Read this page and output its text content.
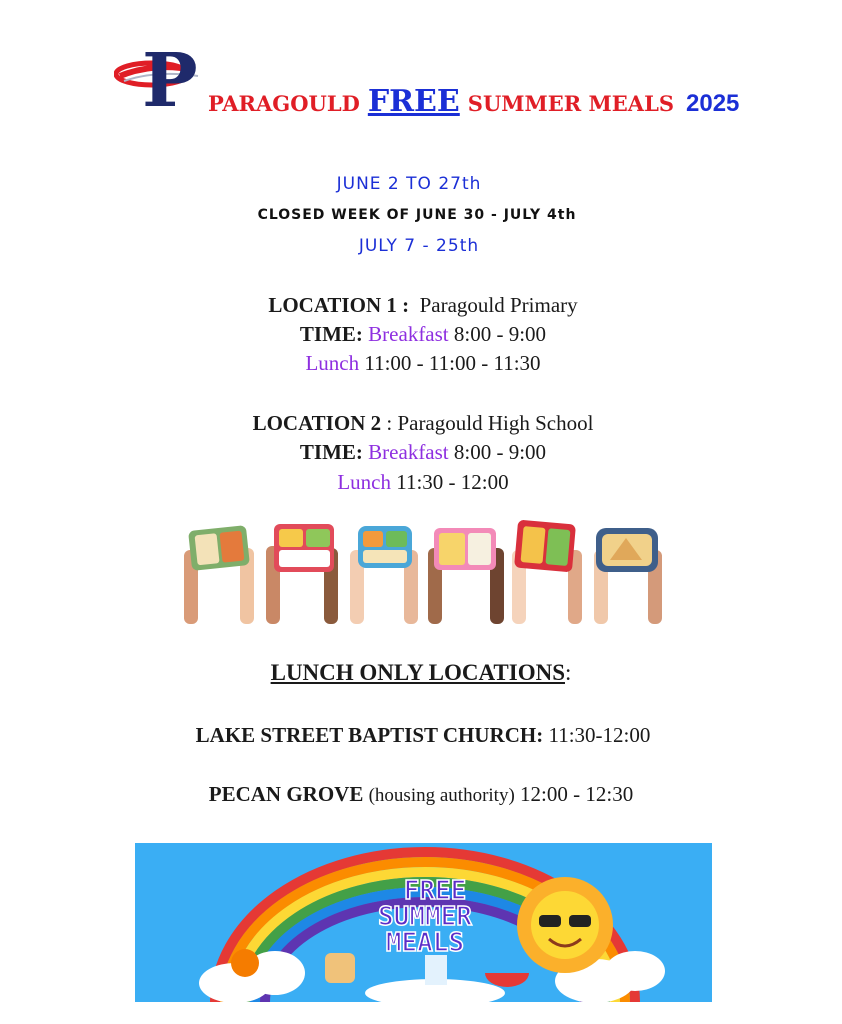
P PARAGOULD FREE SUMMER MEALS 2025
JUNE 2 TO 27th
CLOSED WEEK OF JUNE 30 - JULY 4th
JULY 7 - 25th
LOCATION 1 : Paragould Primary
TIME: Breakfast 8:00 - 9:00
Lunch 11:00 - 11:00 - 11:30
LOCATION 2 : Paragould High School
TIME: Breakfast 8:00 - 9:00
Lunch 11:30 - 12:00
LUNCH ONLY LOCATIONS:
LAKE STREET BAPTIST CHURCH: 11:30-12:00
PECAN GROVE (housing authority) 12:00 - 12:30
FREE
SUMMER
MEALS
